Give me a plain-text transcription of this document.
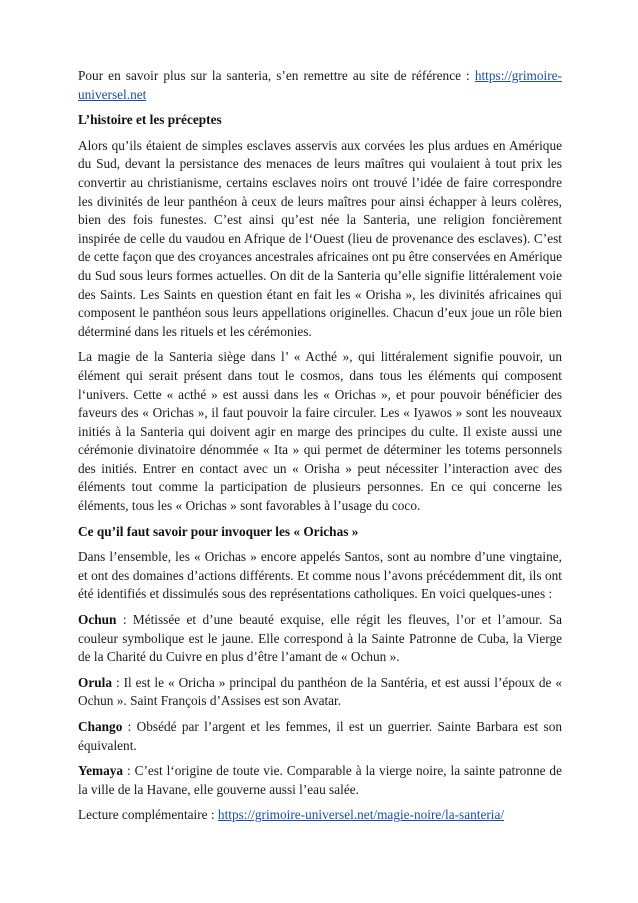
Pour en savoir plus sur la santeria, s’en remettre au site de référence : https://grimoire-universel.net

L’histoire et les préceptes

Alors qu’ils étaient de simples esclaves asservis aux corvées les plus ardues en Amérique du Sud, devant la persistance des menaces de leurs maîtres qui voulaient à tout prix les convertir au christianisme, certains esclaves noirs ont trouvé l’idée de faire correspondre les divinités de leur panthéon à ceux de leurs maîtres pour ainsi échapper à leurs colères, bien des fois funestes. C’est ainsi qu’est née la Santeria, une religion foncièrement inspirée de celle du vaudou en Afrique de l‘Ouest (lieu de provenance des esclaves). C’est de cette façon que des croyances ancestrales africaines ont pu être conservées en Amérique du Sud sous leurs formes actuelles. On dit de la Santeria qu’elle signifie littéralement voie des Saints. Les Saints en question étant en fait les « Orisha », les divinités africaines qui composent le panthéon sous leurs appellations originelles. Chacun d’eux joue un rôle bien déterminé dans les rituels et les cérémonies.

La magie de la Santeria siège dans l’ « Acthé », qui littéralement signifie pouvoir, un élément qui serait présent dans tout le cosmos, dans tous les éléments qui composent l‘univers. Cette « acthé » est aussi dans les « Orichas », et pour pouvoir bénéficier des faveurs des « Orichas », il faut pouvoir la faire circuler. Les « Iyawos » sont les nouveaux initiés à la Santeria qui doivent agir en marge des principes du culte. Il existe aussi une cérémonie divinatoire dénommée « Ita » qui permet de déterminer les totems personnels des initiés. Entrer en contact avec un « Orisha » peut nécessiter l’interaction avec des éléments tout comme la participation de plusieurs personnes. En ce qui concerne les éléments, tous les « Orichas » sont favorables à l’usage du coco.

Ce qu’il faut savoir pour invoquer les « Orichas »

Dans l’ensemble, les « Orichas » encore appelés Santos, sont au nombre d’une vingtaine, et ont des domaines d’actions différents. Et comme nous l’avons précédemment dit, ils ont été identifiés et dissimulés sous des représentations catholiques. En voici quelques-unes :

Ochun : Métissée et d’une beauté exquise, elle régit les fleuves, l’or et l’amour. Sa couleur symbolique est le jaune. Elle correspond à la Sainte Patronne de Cuba, la Vierge de la Charité du Cuivre en plus d’être l’amant de « Ochun ».

Orula : Il est le « Oricha » principal du panthéon de la Santéria, et est aussi l’époux de « Ochun ». Saint François d’Assises est son Avatar.

Chango : Obsédé par l’argent et les femmes, il est un guerrier. Sainte Barbara est son équivalent.

Yemaya : C’est l‘origine de toute vie. Comparable à la vierge noire, la sainte patronne de la ville de la Havane, elle gouverne aussi l’eau salée.

Lecture complémentaire : https://grimoire-universel.net/magie-noire/la-santeria/
